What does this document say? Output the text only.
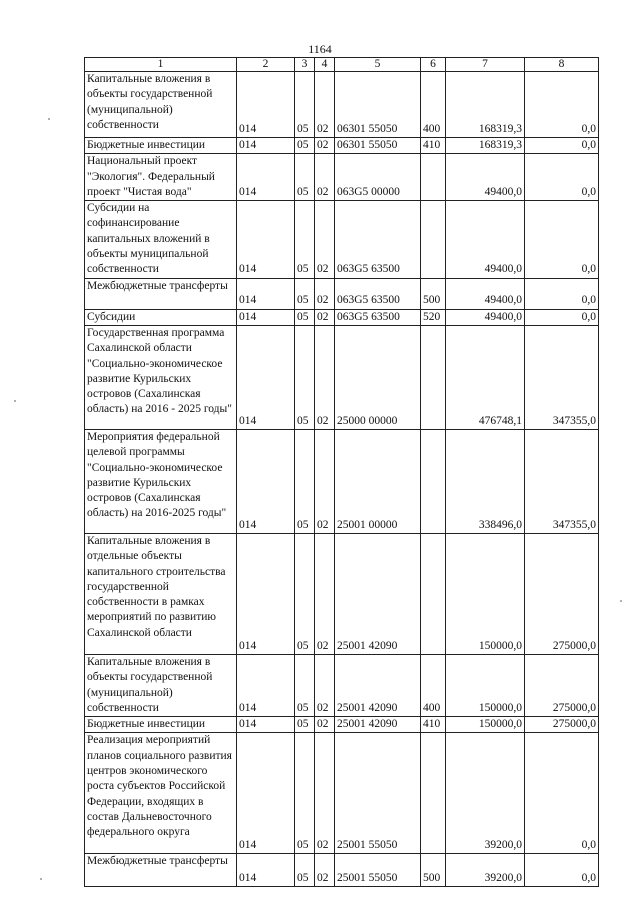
1164
1	2	3	4	5	6	7	8
Капитальные вложения в объекты государственной (муниципальной) собственности	014	05	02	06301 55050	400	168319,3	0,0
Бюджетные инвестиции	014	05	02	06301 55050	410	168319,3	0,0
Национальный проект "Экология". Федеральный проект "Чистая вода"	014	05	02	063G5 00000		49400,0	0,0
Субсидии на софинансирование капитальных вложений в объекты муниципальной собственности	014	05	02	063G5 63500		49400,0	0,0
Межбюджетные трансферты	014	05	02	063G5 63500	500	49400,0	0,0
Субсидии	014	05	02	063G5 63500	520	49400,0	0,0
Государственная программа Сахалинской области "Социально-экономическое развитие Курильских островов (Сахалинская область) на 2016 - 2025 годы"	014	05	02	25000 00000		476748,1	347355,0
Мероприятия федеральной целевой программы "Социально-экономическое развитие Курильских островов (Сахалинская область) на 2016-2025 годы"	014	05	02	25001 00000		338496,0	347355,0
Капитальные вложения в отдельные объекты капитального строительства государственной собственности в рамках мероприятий по развитию Сахалинской области	014	05	02	25001 42090		150000,0	275000,0
Капитальные вложения в объекты государственной (муниципальной) собственности	014	05	02	25001 42090	400	150000,0	275000,0
Бюджетные инвестиции	014	05	02	25001 42090	410	150000,0	275000,0
Реализация мероприятий планов социального развития центров экономического роста субъектов Российской Федерации, входящих в состав Дальневосточного федерального округа	014	05	02	25001 55050		39200,0	0,0
Межбюджетные трансферты	014	05	02	25001 55050	500	39200,0	0,0
